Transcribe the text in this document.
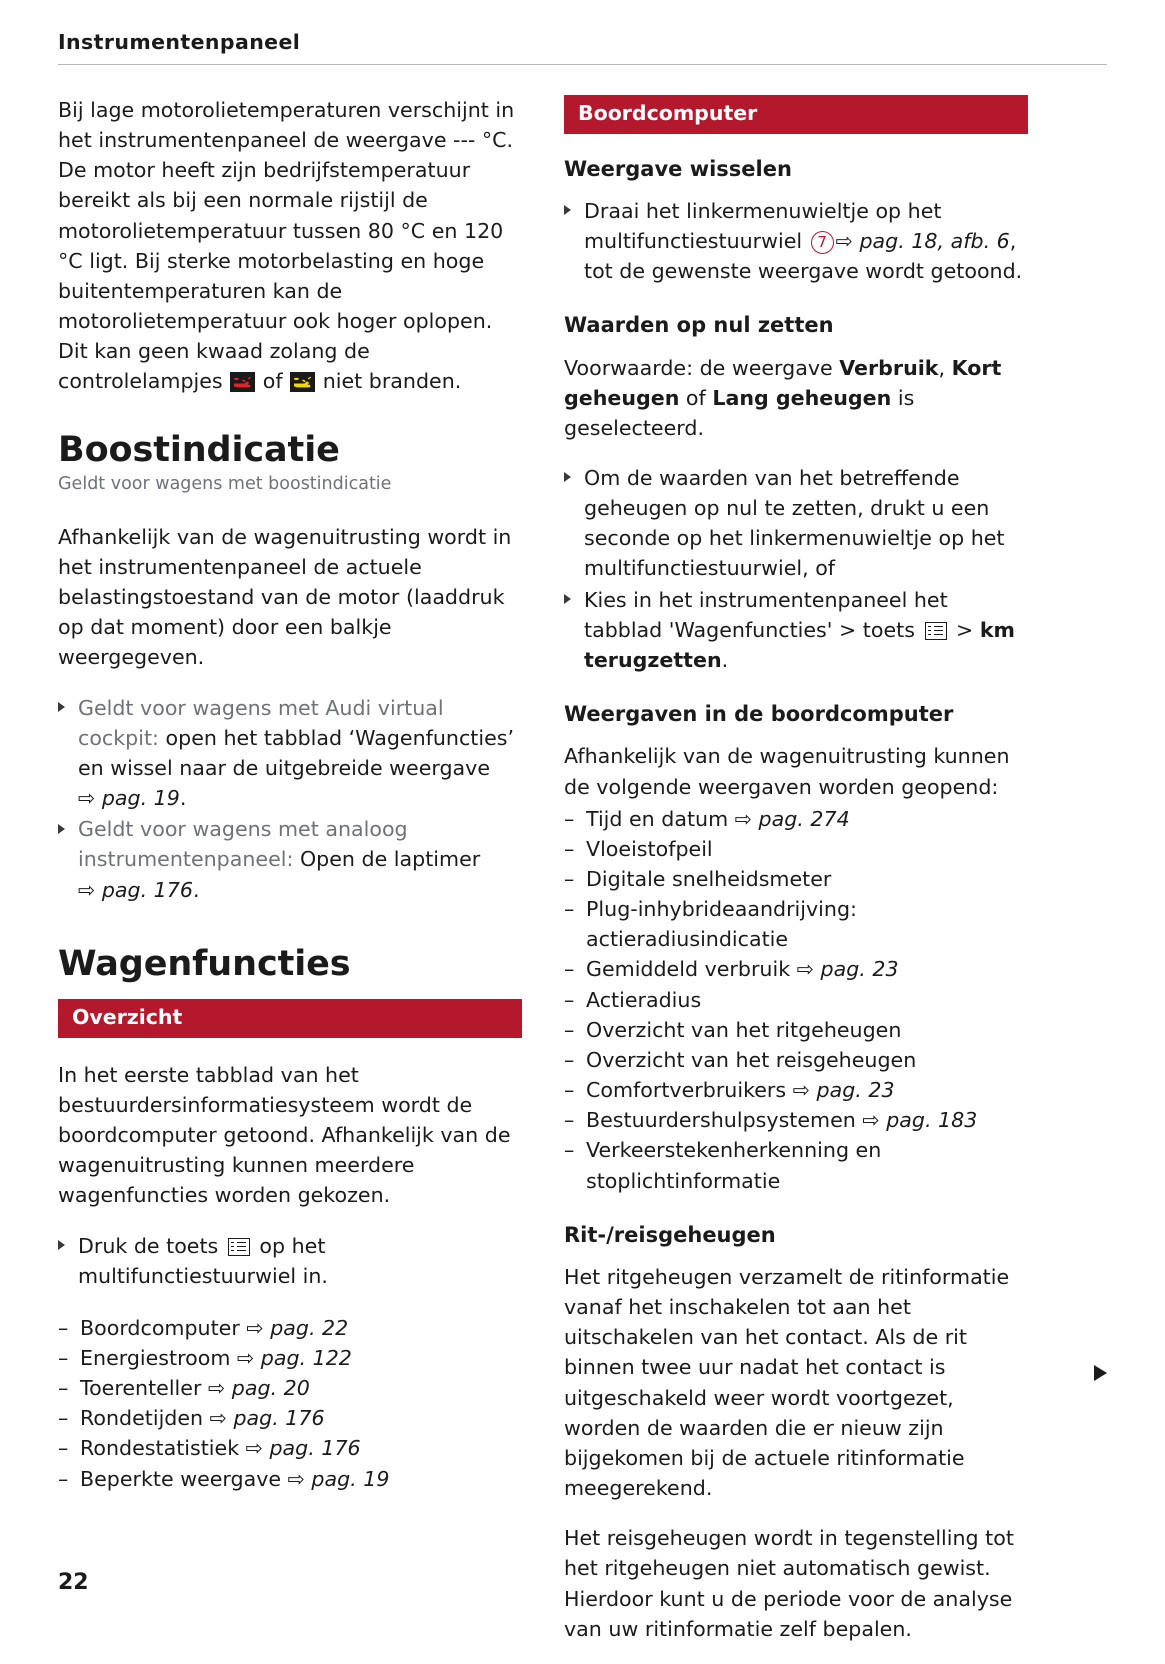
Instrumentenpaneel

Bij lage motorolietemperaturen verschijnt in het instrumentenpaneel de weergave --- °C. De motor heeft zijn bedrijfstemperatuur bereikt als bij een normale rijstijl de motorolietemperatuur tussen 80 °C en 120 °C ligt. Bij sterke motorbelasting en hoge buitentemperaturen kan de motorolietemperatuur ook hoger oplopen. Dit kan geen kwaad zolang de controlelampjes
of
niet branden.

Boostindicatie
Geldt voor wagens met boostindicatie

Afhankelijk van de wagenuitrusting wordt in het instrumentenpaneel de actuele belastingstoestand van de motor (laaddruk op dat moment) door een balkje weergegeven.

Geldt voor wagens met Audi virtual cockpit: open het tabblad ‘Wagenfuncties’ en wissel naar de uitgebreide weergave ⇨ pag. 19.
Geldt voor wagens met analoog instrumentenpaneel: Open de laptimer ⇨ pag. 176.
Wagenfuncties
Overzicht

In het eerste tabblad van het bestuurdersinformatiesysteem wordt de boordcomputer getoond. Afhankelijk van de wagenuitrusting kunnen meerdere wagenfuncties worden gekozen.

Druk de toets
op het multifunctiestuurwiel in.
– Boordcomputer ⇨ pag. 22
– Energiestroom ⇨ pag. 122
– Toerenteller ⇨ pag. 20
– Rondetijden ⇨ pag. 176
– Rondestatistiek ⇨ pag. 176
– Beperkte weergave ⇨ pag. 19
Boordcomputer
Weergave wisselen
Draai het linkermenuwieltje op het multifunctiestuurwiel 7 ⇨ pag. 18, afb. 6, tot de gewenste weergave wordt getoond.
Waarden op nul zetten

Voorwaarde: de weergave Verbruik, Kort geheugen of Lang geheugen is geselecteerd.

Om de waarden van het betreffende geheugen op nul te zetten, drukt u een seconde op het linkermenuwieltje op het multifunctiestuurwiel, of
Kies in het instrumentenpaneel het tabblad 'Wagenfuncties' > toets
> km terugzetten.
Weergaven in de boordcomputer

Afhankelijk van de wagenuitrusting kunnen de volgende weergaven worden geopend:

– Tijd en datum ⇨ pag. 274
– Vloeistofpeil
– Digitale snelheidsmeter
– Plug-inhybrideaandrijving: actieradiusindicatie
– Gemiddeld verbruik ⇨ pag. 23
– Actieradius
– Overzicht van het ritgeheugen
– Overzicht van het reisgeheugen
– Comfortverbruikers ⇨ pag. 23
– Bestuurdershulpsystemen ⇨ pag. 183
– Verkeerstekenherkenning en stoplichtinformatie
Rit-/reisgeheugen

Het ritgeheugen verzamelt de ritinformatie vanaf het inschakelen tot aan het uitschakelen van het contact. Als de rit binnen twee uur nadat het contact is uitgeschakeld weer wordt voortgezet, worden de waarden die er nieuw zijn bijgekomen bij de actuele ritinformatie meegerekend.

Het reisgeheugen wordt in tegenstelling tot het ritgeheugen niet automatisch gewist. Hierdoor kunt u de periode voor de analyse van uw ritinformatie zelf bepalen.

22
